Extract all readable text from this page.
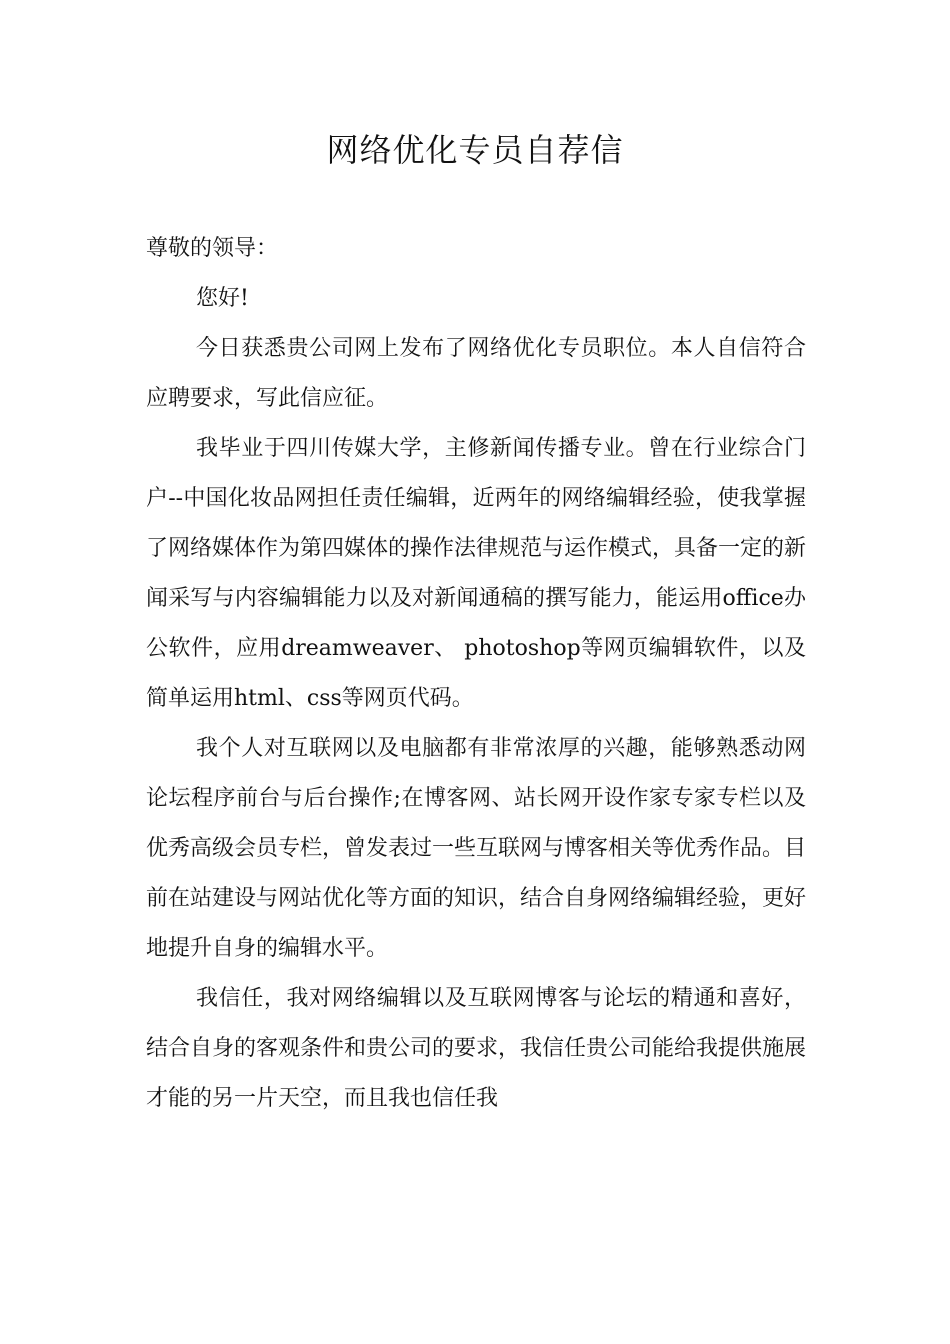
网络优化专员自荐信

尊敬的领导：

您好!

今日获悉贵公司网上发布了网络优化专员职位。本人自信符合应聘要求，写此信应征。

我毕业于四川传媒大学，主修新闻传播专业。曾在行业综合门户--中国化妆品网担任责任编辑，近两年的网络编辑经验，使我掌握了网络媒体作为第四媒体的操作法律规范与运作模式，具备一定的新闻采写与内容编辑能力以及对新闻通稿的撰写能力，能运用office办公软件，应用dreamweaver、 photoshop等网页编辑软件，以及简单运用html、css等网页代码。

我个人对互联网以及电脑都有非常浓厚的兴趣，能够熟悉动网论坛程序前台与后台操作;在博客网、站长网开设作家专家专栏以及优秀高级会员专栏，曾发表过一些互联网与博客相关等优秀作品。目前在站建设与网站优化等方面的知识，结合自身网络编辑经验，更好地提升自身的编辑水平。

我信任，我对网络编辑以及互联网博客与论坛的精通和喜好，结合自身的客观条件和贵公司的要求，我信任贵公司能给我提供施展才能的另一片天空，而且我也信任我
